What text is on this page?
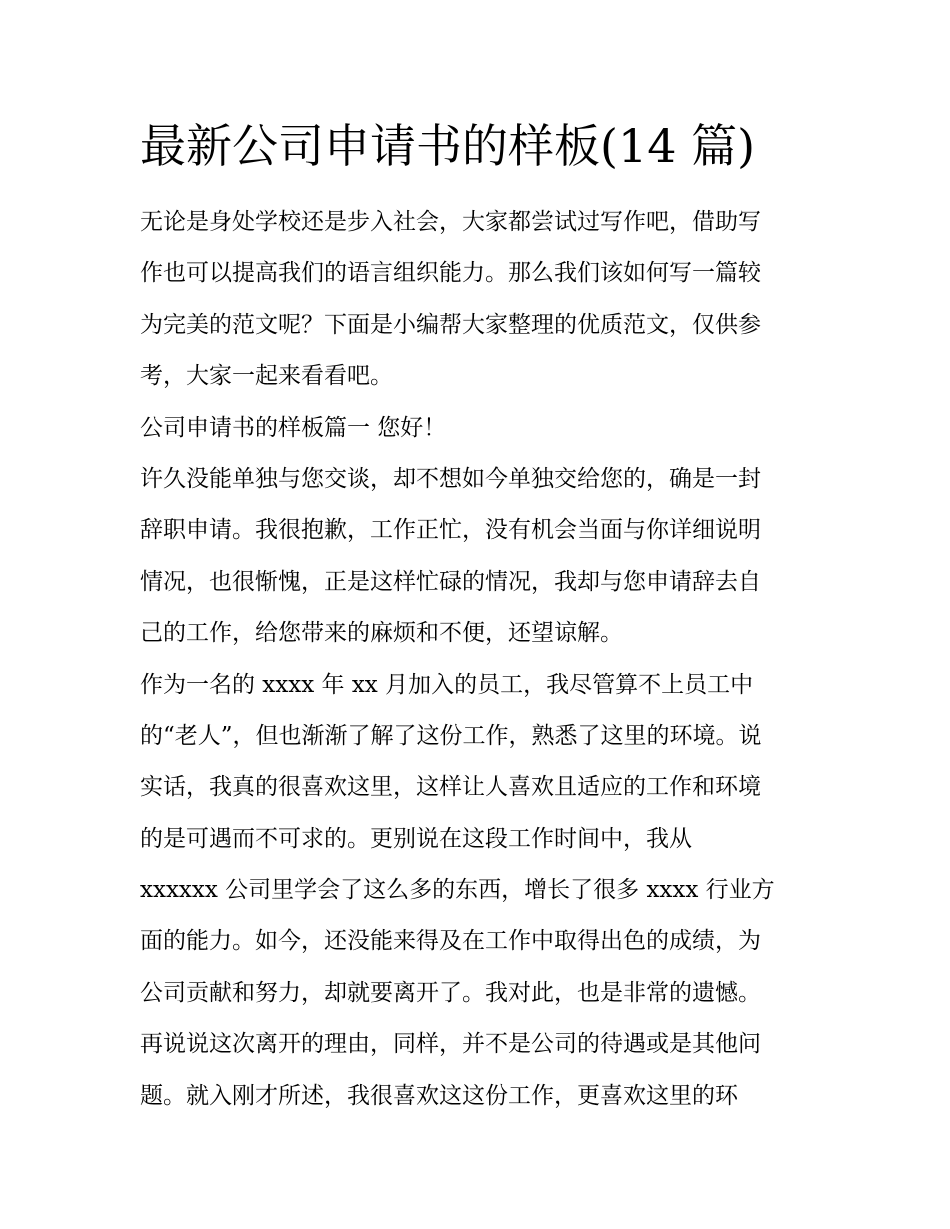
最新公司申请书的样板(14 篇)
无论是身处学校还是步入社会，大家都尝试过写作吧，借助写
作也可以提高我们的语言组织能力。那么我们该如何写一篇较
为完美的范文呢？下面是小编帮大家整理的优质范文，仅供参
考，大家一起来看看吧。
公司申请书的样板篇一 您好！
许久没能单独与您交谈，却不想如今单独交给您的，确是一封
辞职申请。我很抱歉，工作正忙，没有机会当面与你详细说明
情况，也很惭愧，正是这样忙碌的情况，我却与您申请辞去自
己的工作，给您带来的麻烦和不便，还望谅解。
作为一名的 xxxx 年 xx 月加入的员工，我尽管算不上员工中
的“老人”，但也渐渐了解了这份工作，熟悉了这里的环境。说
实话，我真的很喜欢这里，这样让人喜欢且适应的工作和环境
的是可遇而不可求的。更别说在这段工作时间中，我从
xxxxxx 公司里学会了这么多的东西，增长了很多 xxxx 行业方
面的能力。如今，还没能来得及在工作中取得出色的成绩，为
公司贡献和努力，却就要离开了。我对此，也是非常的遗憾。
再说说这次离开的理由，同样，并不是公司的待遇或是其他问
题。就入刚才所述，我很喜欢这这份工作，更喜欢这里的环
